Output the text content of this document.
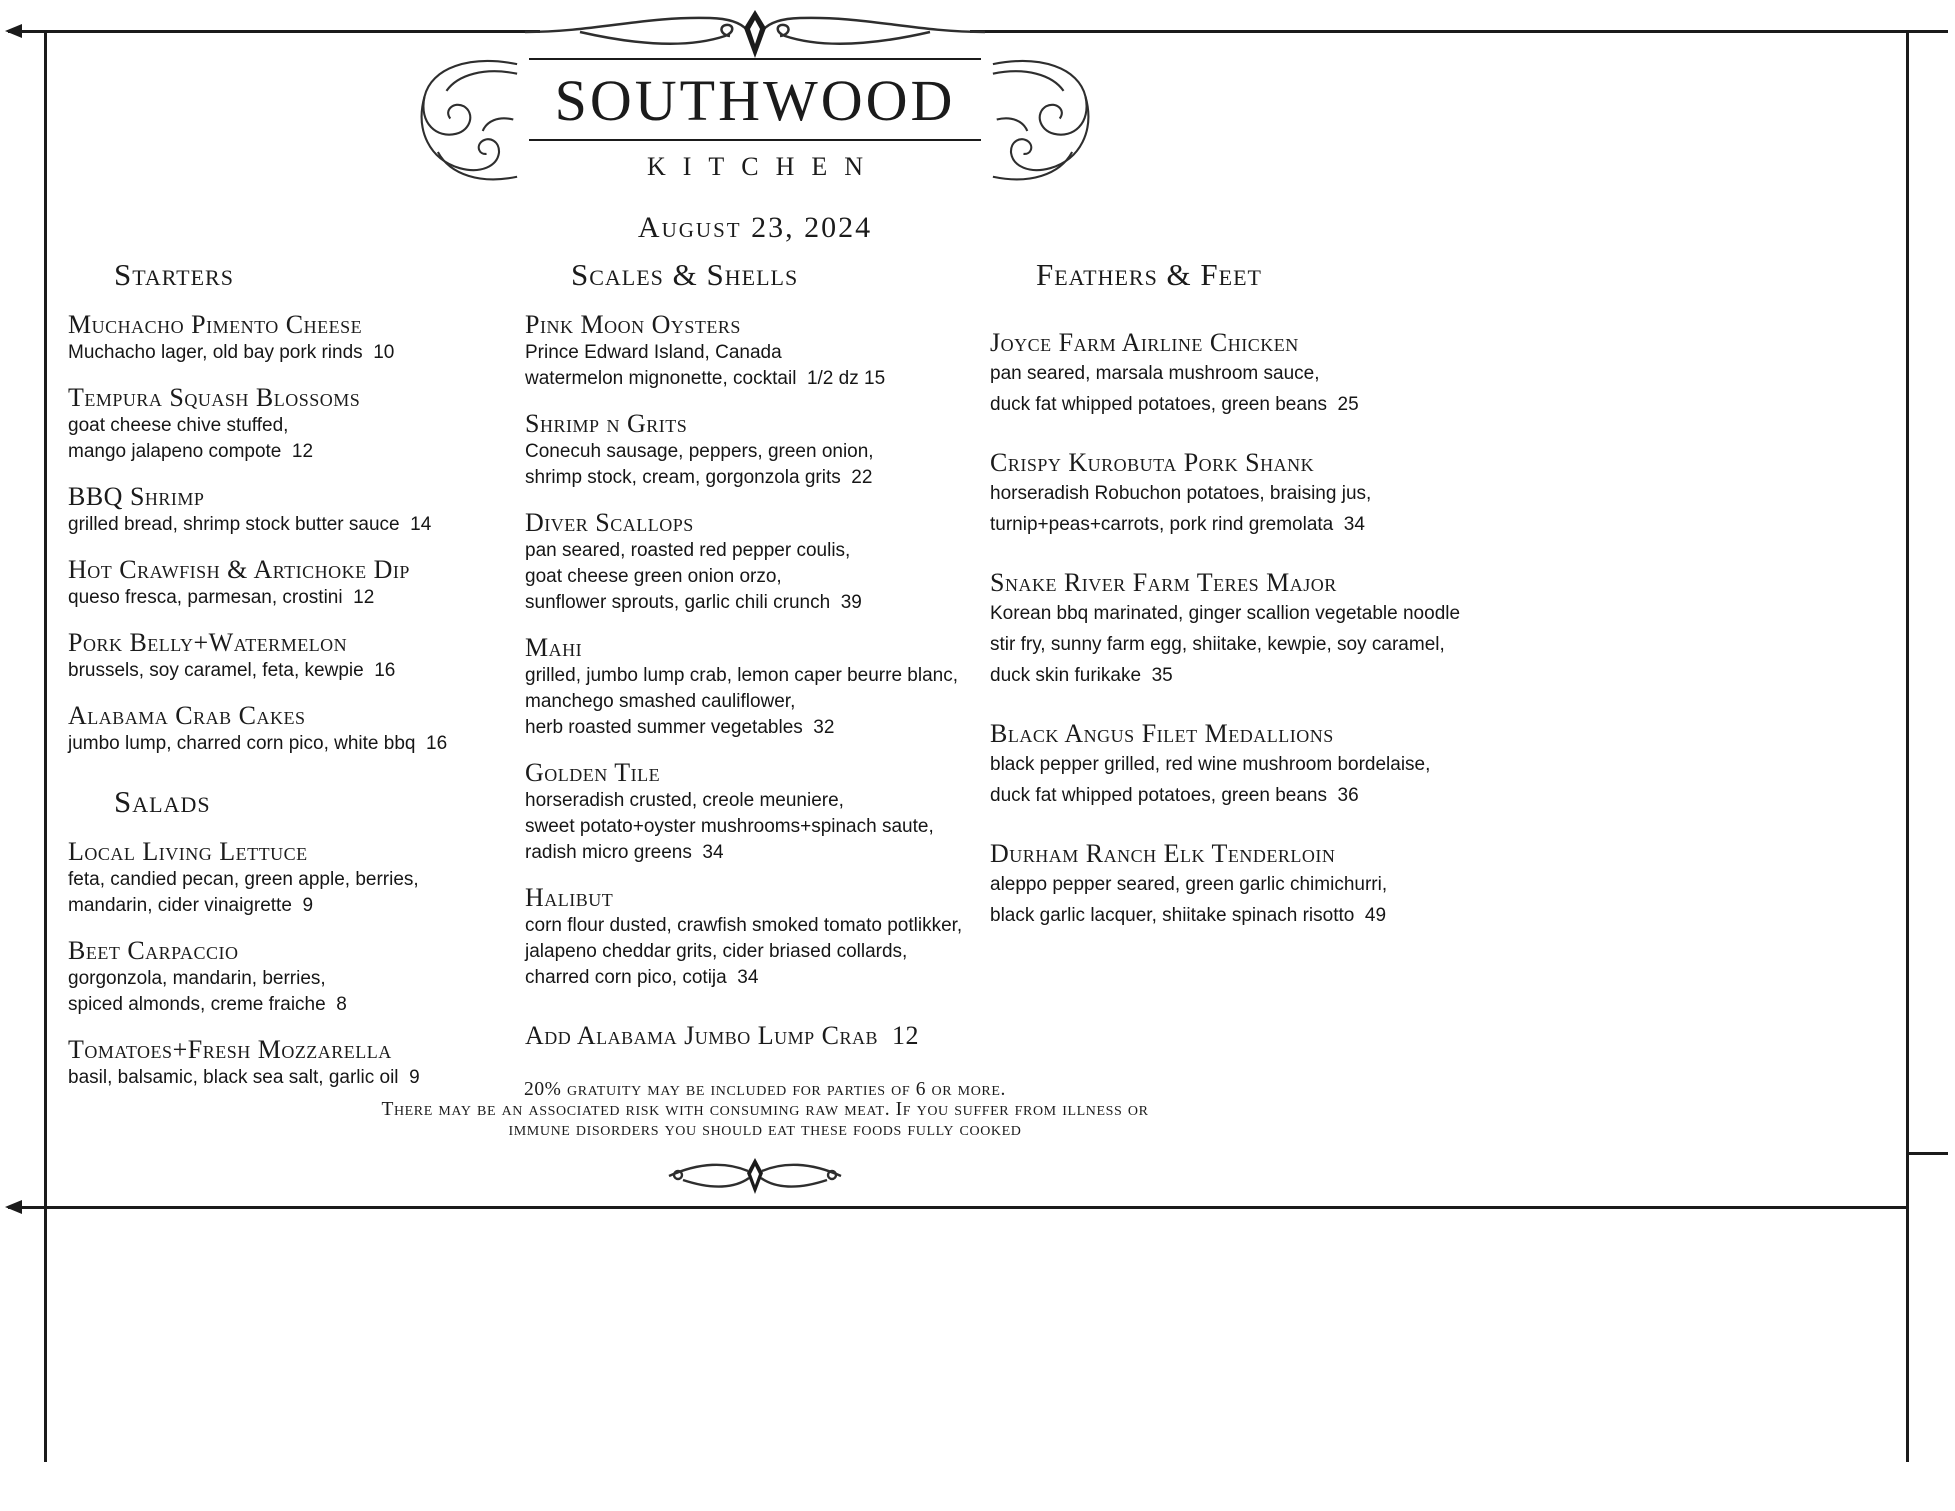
SOUTHWOOD
KITCHEN
August 23, 2024
Starters
Muchacho Pimento Cheese
Muchacho lager, old bay pork rinds  10
Tempura Squash Blossoms
goat cheese chive stuffed,
mango jalapeno compote  12
BBQ Shrimp
grilled bread, shrimp stock butter sauce  14
Hot Crawfish & Artichoke Dip
queso fresca, parmesan, crostini  12
Pork Belly+Watermelon
brussels, soy caramel, feta, kewpie  16
Alabama Crab Cakes
jumbo lump, charred corn pico, white bbq  16
Salads
Local Living Lettuce
feta, candied pecan, green apple, berries,
mandarin, cider vinaigrette  9
Beet Carpaccio
gorgonzola, mandarin, berries,
spiced almonds, creme fraiche  8
Tomatoes+Fresh Mozzarella
basil, balsamic, black sea salt, garlic oil  9
Scales & Shells
Pink Moon Oysters
Prince Edward Island, Canada
watermelon mignonette, cocktail  1/2 dz 15
Shrimp n Grits
Conecuh sausage, peppers, green onion,
shrimp stock, cream, gorgonzola grits  22
Diver Scallops
pan seared, roasted red pepper coulis,
goat cheese green onion orzo,
sunflower sprouts, garlic chili crunch  39
Mahi
grilled, jumbo lump crab, lemon caper beurre blanc,
manchego smashed cauliflower,
herb roasted summer vegetables  32
Golden Tile
horseradish crusted, creole meuniere,
sweet potato+oyster mushrooms+spinach saute,
radish micro greens  34
Halibut
corn flour dusted, crawfish smoked tomato potlikker,
jalapeno cheddar grits, cider briased collards,
charred corn pico, cotija  34
Add Alabama Jumbo Lump Crab  12
Feathers & Feet
Joyce Farm Airline Chicken
pan seared, marsala mushroom sauce,
duck fat whipped potatoes, green beans  25
Crispy Kurobuta Pork Shank
horseradish Robuchon potatoes, braising jus,
turnip+peas+carrots, pork rind gremolata  34
Snake River Farm Teres Major
Korean bbq marinated, ginger scallion vegetable noodle
stir fry, sunny farm egg, shiitake, kewpie, soy caramel,
duck skin furikake  35
Black Angus Filet Medallions
black pepper grilled, red wine mushroom bordelaise,
duck fat whipped potatoes, green beans  36
Durham Ranch Elk Tenderloin
aleppo pepper seared, green garlic chimichurri,
black garlic lacquer, shiitake spinach risotto  49
20% gratuity may be included for parties of 6 or more.
There may be an associated risk with consuming raw meat. If you suffer from illness or
immune disorders you should eat these foods fully cooked
